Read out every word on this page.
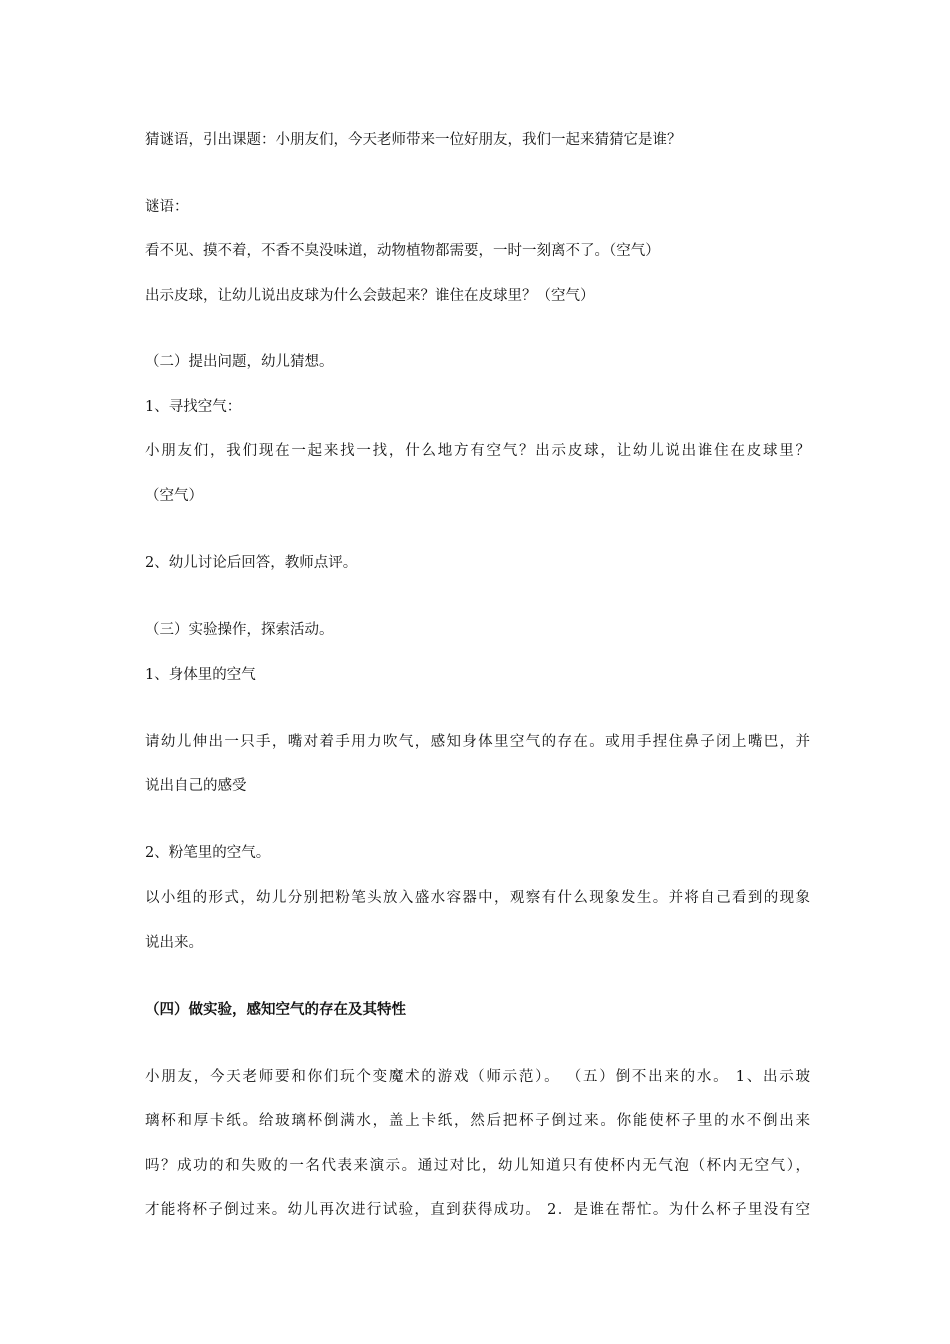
猜谜语，引出课题：小朋友们，今天老师带来一位好朋友，我们一起来猜猜它是谁？
谜语：
看不见、摸不着，不香不臭没味道，动物植物都需要，一时一刻离不了。（空气）
出示皮球，让幼儿说出皮球为什么会鼓起来？谁住在皮球里？（空气）
（二）提出问题，幼儿猜想。
1、寻找空气：
小朋友们，我们现在一起来找一找，什么地方有空气？出示皮球，让幼儿说出谁住在皮球里？
（空气）
2、幼儿讨论后回答，教师点评。
（三）实验操作，探索活动。
1、身体里的空气
请幼儿伸出一只手，嘴对着手用力吹气，感知身体里空气的存在。或用手捏住鼻子闭上嘴巴，并
说出自己的感受
2、粉笔里的空气。
以小组的形式，幼儿分别把粉笔头放入盛水容器中，观察有什么现象发生。并将自己看到的现象
说出来。
（四）做实验，感知空气的存在及其特性
小朋友，今天老师要和你们玩个变魔术的游戏（师示范）。 （五）倒不出来的水。 1、出示玻
璃杯和厚卡纸。给玻璃杯倒满水，盖上卡纸，然后把杯子倒过来。你能使杯子里的水不倒出来
吗？成功的和失败的一名代表来演示。通过对比，幼儿知道只有使杯内无气泡（杯内无空气），
才能将杯子倒过来。幼儿再次进行试验，直到获得成功。 2．是谁在帮忙。为什么杯子里没有空
